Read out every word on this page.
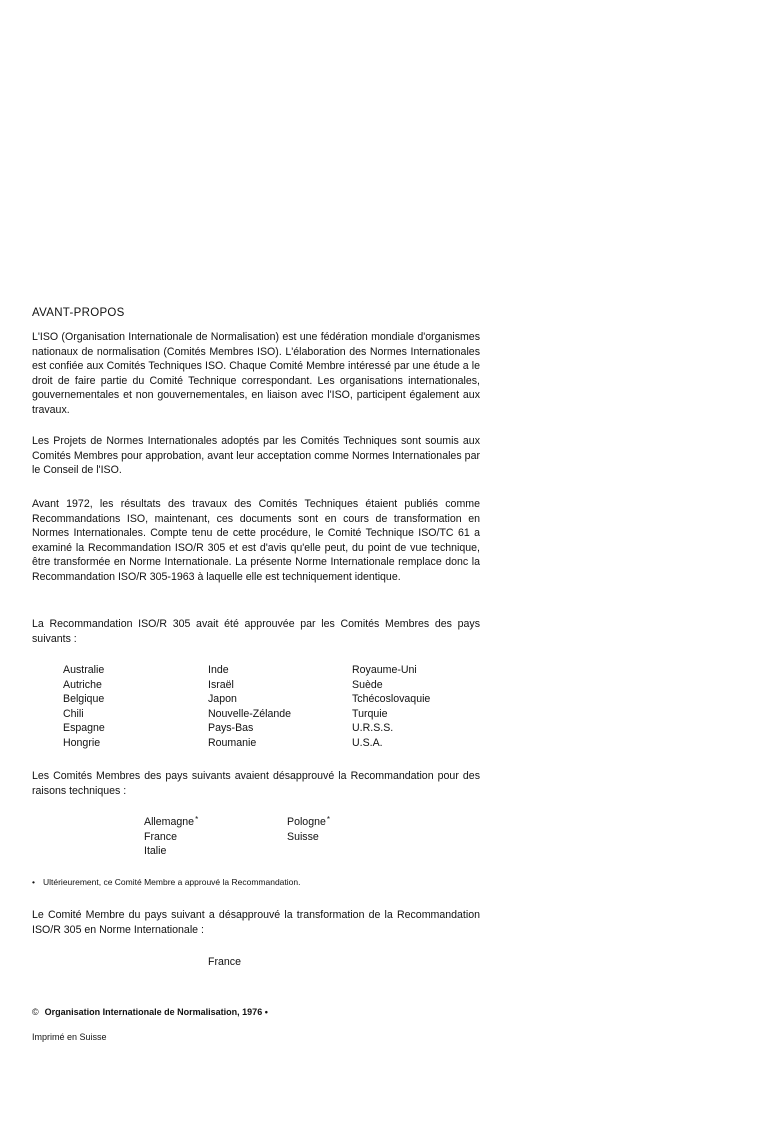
AVANT-PROPOS
L'ISO (Organisation Internationale de Normalisation) est une fédération mondiale d'organismes nationaux de normalisation (Comités Membres ISO). L'élaboration des Normes Internationales est confiée aux Comités Techniques ISO. Chaque Comité Membre intéressé par une étude a le droit de faire partie du Comité Technique correspondant. Les organisations internationales, gouvernementales et non gouvernementales, en liaison avec l'ISO, participent également aux travaux.
Les Projets de Normes Internationales adoptés par les Comités Techniques sont soumis aux Comités Membres pour approbation, avant leur acceptation comme Normes Internationales par le Conseil de l'ISO.
Avant 1972, les résultats des travaux des Comités Techniques étaient publiés comme Recommandations ISO, maintenant, ces documents sont en cours de transformation en Normes Internationales. Compte tenu de cette procédure, le Comité Technique ISO/TC 61 a examiné la Recommandation ISO/R 305 et est d'avis qu'elle peut, du point de vue technique, être transformée en Norme Internationale. La présente Norme Internationale remplace donc la Recommandation ISO/R 305-1963 à laquelle elle est techniquement identique.
La Recommandation ISO/R 305 avait été approuvée par les Comités Membres des pays suivants :
Australie
Autriche
Belgique
Chili
Espagne
Hongrie
Inde
Israël
Japon
Nouvelle-Zélande
Pays-Bas
Roumanie
Royaume-Uni
Suède
Tchécoslovaquie
Turquie
U.R.S.S.
U.S.A.
Les Comités Membres des pays suivants avaient désapprouvé la Recommandation pour des raisons techniques :
Allemagne*
France
Italie
Pologne*
Suisse
• Ultérieurement, ce Comité Membre a approuvé la Recommandation.
Le Comité Membre du pays suivant a désapprouvé la transformation de la Recommandation ISO/R 305 en Norme Internationale :
France
© Organisation Internationale de Normalisation, 1976 •
Imprimé en Suisse
